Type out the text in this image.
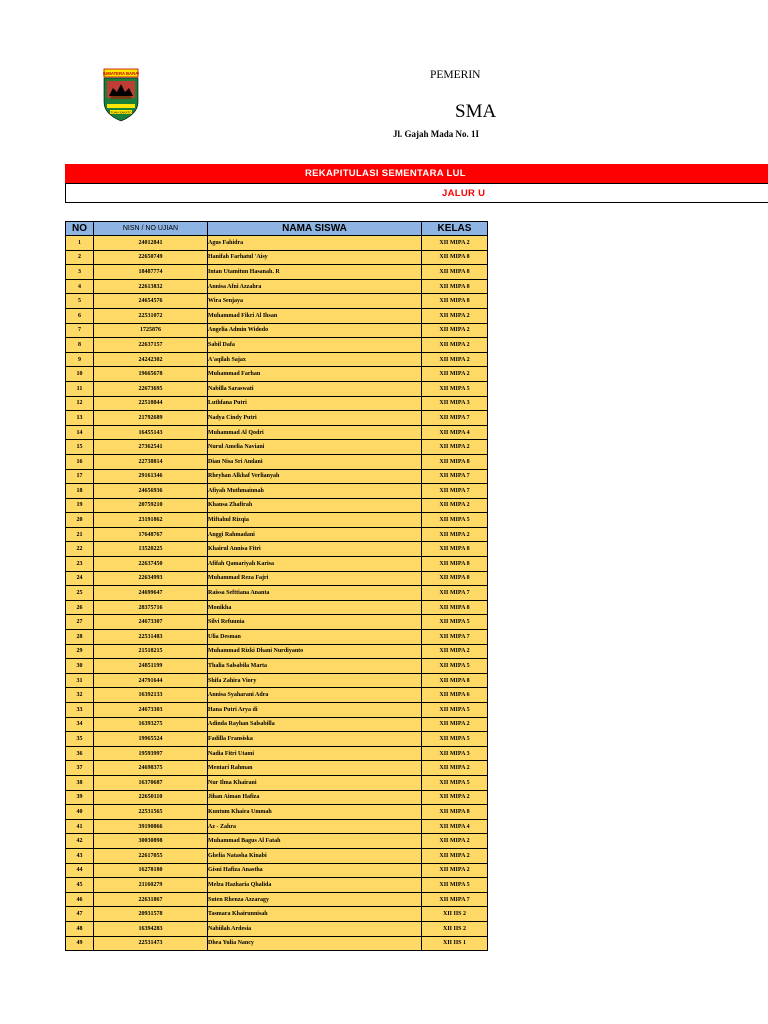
SUMATERA BARAT
TUAH SAKATO
PEMERIN
SMA
Jl. Gajah Mada No. 1I
REKAPITULASI SEMENTARA LUL
JALUR U
NO	NISN / NO UJIAN	NAMA SISWA	KELAS
1	24012841	Agus Fahidra	XII MIPA 2
2	22650749	Hanifah Farhatul 'Aisy	XII MIPA 8
3	18487774	Intan Utamitun Hasanah. R	XII MIPA 8
4	22613832	Annisa Afni Azzahra	XII MIPA 8
5	24654576	Wira Senjaya	XII MIPA 8
6	22531072	Muhammad Fikri Al Ihsan	XII MIPA 2
7	1725876	Angelia Admin Widodo	XII MIPA 2
8	22637157	Sabil Dafa	XII MIPA 2
9	24242302	A'aqilah Sajax	XII MIPA 2
10	19665678	Muhammad Farhan	XII MIPA 2
11	22673695	Nabilla Saraswati	XII MIPA 5
12	22518844	Luthfana Putri	XII MIPA 3
13	21792689	Nadya Cindy Putri	XII MIPA 7
14	16455143	Muhammad Al Qodri	XII MIPA 4
15	27362541	Nurul Amelia Naviani	XII MIPA 2
16	22738814	Dian Nisa Sri Andani	XII MIPA 8
17	29161346	Rheyhan Alkhaf Verlianyah	XII MIPA 7
18	24656936	Afiyah Muthmainnah	XII MIPA 7
19	20759210	Khansa Zhafirah	XII MIPA 2
20	23191862	Miftahul Rizqia	XII MIPA 5
21	17648767	Anggi Rahmadani	XII MIPA 2
22	13520225	Khairul Annisa Fitri	XII MIPA 8
23	22637450	Afifah Qamariyah Karisa	XII MIPA 8
24	22634993	Muhammad Reza Fajri	XII MIPA 8
25	24699647	Raissa Sefttiana Ananta	XII MIPA 7
26	28375716	Monikha	XII MIPA 8
27	24673307	Silvi Refuunia	XII MIPA 5
28	22531483	Ulia Desman	XII MIPA 7
29	21518215	Muhammad Rizki Dhani Nurdiyanto	XII MIPA 2
30	24851199	Thalia Salsabila Marta	XII MIPA 5
31	24791644	Shifa Zahira Viory	XII MIPA 8
32	16392133	Annisa Syaharani Adra	XII MIPA 6
33	24673303	Hana Putri Arya di	XII MIPA 5
34	16393275	Adinda Rayhan Salsabilla	XII MIPA 2
35	19965524	Fadilla Fransiska	XII MIPA 5
36	19593997	Nadia Fitri Utami	XII MIPA 3
37	24698375	Mentari Rahman	XII MIPA 2
38	16370687	Nur Ilma Khairani	XII MIPA 5
39	22650110	Jihan Aiman Hafiza	XII MIPA 2
40	22531565	Kuntum Khaira Ummah	XII MIPA 8
41	39190866	Az - Zahra	XII MIPA 4
42	30030898	Muhammad Bagus Al Fatah	XII MIPA 2
43	22617055	Ghelia Natasha Kinabi	XII MIPA 2
44	16278180	Gisni Hafiza Anastha	XII MIPA 2
45	21160279	Melza Hazharia Qhalida	XII MIPA 5
46	22631867	Suten Rhenza Azzaragy	XII MIPA 7
47	20931578	Tasmara Khairunnisah	XII IIS 2
48	16394283	Nabiilah Ardesia	XII IIS 2
49	22531473	Dhea Yulia Nancy	XII IIS 1
